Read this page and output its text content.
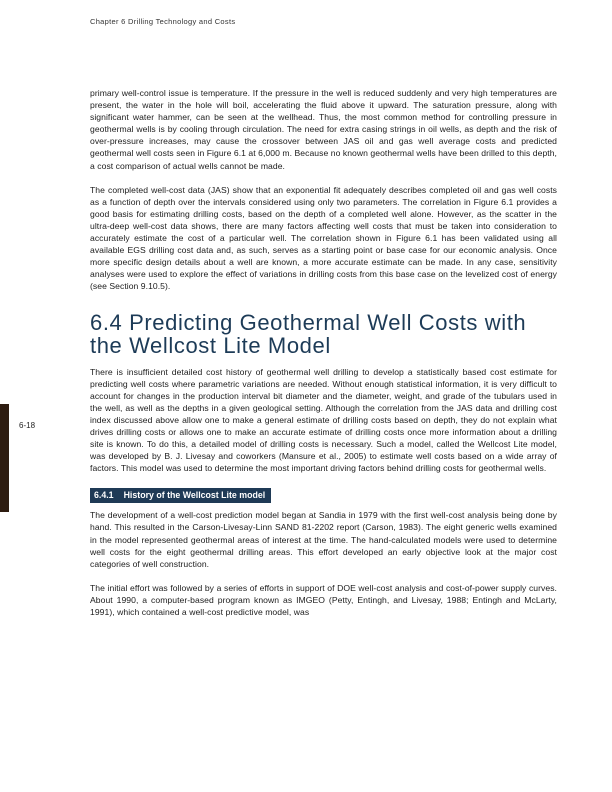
Chapter 6 Drilling Technology and Costs
6-18

primary well-control issue is temperature. If the pressure in the well is reduced suddenly and very high temperatures are present, the water in the hole will boil, accelerating the fluid above it upward. The saturation pressure, along with significant water hammer, can be seen at the wellhead. Thus, the most common method for controlling pressure in geothermal wells is by cooling through circulation. The need for extra casing strings in oil wells, as depth and the risk of over-pressure increases, may cause the crossover between JAS oil and gas well average costs and predicted geothermal well costs seen in Figure 6.1 at 6,000 m. Because no known geothermal wells have been drilled to this depth, a cost comparison of actual wells cannot be made.

The completed well-cost data (JAS) show that an exponential fit adequately describes completed oil and gas well costs as a function of depth over the intervals considered using only two parameters. The correlation in Figure 6.1 provides a good basis for estimating drilling costs, based on the depth of a completed well alone. However, as the scatter in the ultra-deep well-cost data shows, there are many factors affecting well costs that must be taken into consideration to accurately estimate the cost of a particular well. The correlation shown in Figure 6.1 has been validated using all available EGS drilling cost data and, as such, serves as a starting point or base case for our economic analysis. Once more specific design details about a well are known, a more accurate estimate can be made. In any case, sensitivity analyses were used to explore the effect of variations in drilling costs from this base case on the levelized cost of energy (see Section 9.10.5).

6.4 Predicting Geothermal Well Costs with
the Wellcost Lite Model

There is insufficient detailed cost history of geothermal well drilling to develop a statistically based cost estimate for predicting well costs where parametric variations are needed. Without enough statistical information, it is very difficult to account for changes in the production interval bit diameter and the diameter, weight, and grade of the tubulars used in the well, as well as the depths in a given geological setting. Although the correlation from the JAS data and drilling cost index discussed above allow one to make a general estimate of drilling costs based on depth, they do not explain what drives drilling costs or allows one to make an accurate estimate of drilling costs once more information about a drilling site is known. To do this, a detailed model of drilling costs is necessary. Such a model, called the Wellcost Lite model, was developed by B. J. Livesay and coworkers (Mansure et al., 2005) to estimate well costs based on a wide array of factors. This model was used to determine the most important driving factors behind drilling costs for geothermal wells.

6.4.1 History of the Wellcost Lite model

The development of a well-cost prediction model began at Sandia in 1979 with the first well-cost analysis being done by hand. This resulted in the Carson-Livesay-Linn SAND 81-2202 report (Carson, 1983). The eight generic wells examined in the model represented geothermal areas of interest at the time. The hand-calculated models were used to determine well costs for the eight geothermal drilling areas. This effort developed an early objective look at the major cost categories of well construction.

The initial effort was followed by a series of efforts in support of DOE well-cost analysis and cost-of-power supply curves. About 1990, a computer-based program known as IMGEO (Petty, Entingh, and Livesay, 1988; Entingh and McLarty, 1991), which contained a well-cost predictive model, was
